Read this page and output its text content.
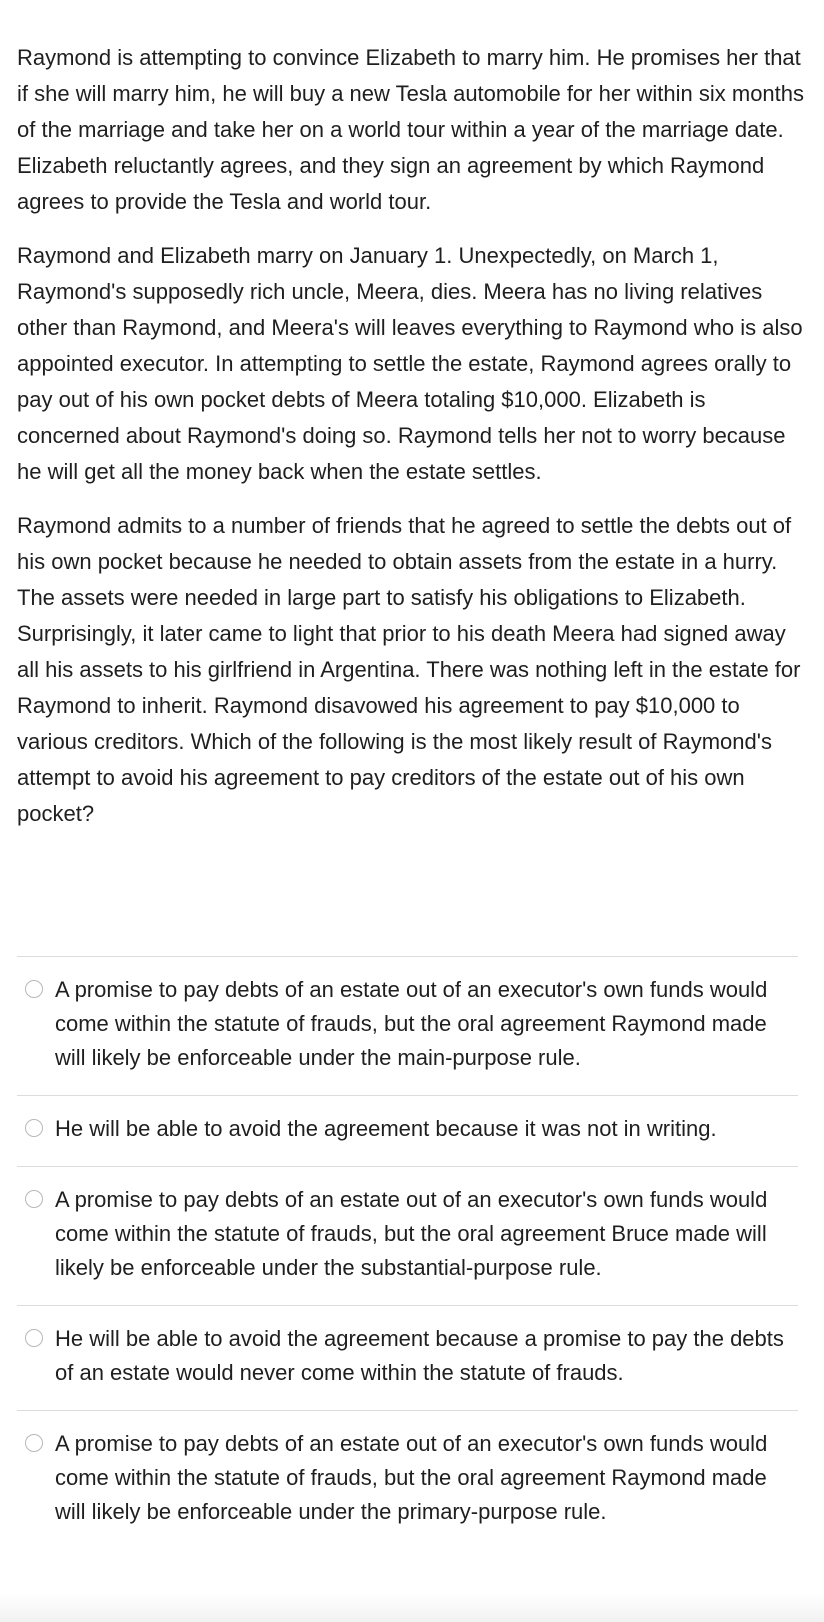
Raymond is attempting to convince Elizabeth to marry him. He promises her that if she will marry him, he will buy a new Tesla automobile for her within six months of the marriage and take her on a world tour within a year of the marriage date. Elizabeth reluctantly agrees, and they sign an agreement by which Raymond agrees to provide the Tesla and world tour.

Raymond and Elizabeth marry on January 1. Unexpectedly, on March 1, Raymond's supposedly rich uncle, Meera, dies. Meera has no living relatives other than Raymond, and Meera's will leaves everything to Raymond who is also appointed executor. In attempting to settle the estate, Raymond agrees orally to pay out of his own pocket debts of Meera totaling $10,000. Elizabeth is concerned about Raymond's doing so. Raymond tells her not to worry because he will get all the money back when the estate settles.

Raymond admits to a number of friends that he agreed to settle the debts out of his own pocket because he needed to obtain assets from the estate in a hurry. The assets were needed in large part to satisfy his obligations to Elizabeth. Surprisingly, it later came to light that prior to his death Meera had signed away all his assets to his girlfriend in Argentina. There was nothing left in the estate for Raymond to inherit. Raymond disavowed his agreement to pay $10,000 to various creditors. Which of the following is the most likely result of Raymond's attempt to avoid his agreement to pay creditors of the estate out of his own pocket?

A promise to pay debts of an estate out of an executor's own funds would come within the statute of frauds, but the oral agreement Raymond made will likely be enforceable under the main-purpose rule.
He will be able to avoid the agreement because it was not in writing.
A promise to pay debts of an estate out of an executor's own funds would come within the statute of frauds, but the oral agreement Bruce made will likely be enforceable under the substantial-purpose rule.
He will be able to avoid the agreement because a promise to pay the debts of an estate would never come within the statute of frauds.
A promise to pay debts of an estate out of an executor's own funds would come within the statute of frauds, but the oral agreement Raymond made will likely be enforceable under the primary-purpose rule.
